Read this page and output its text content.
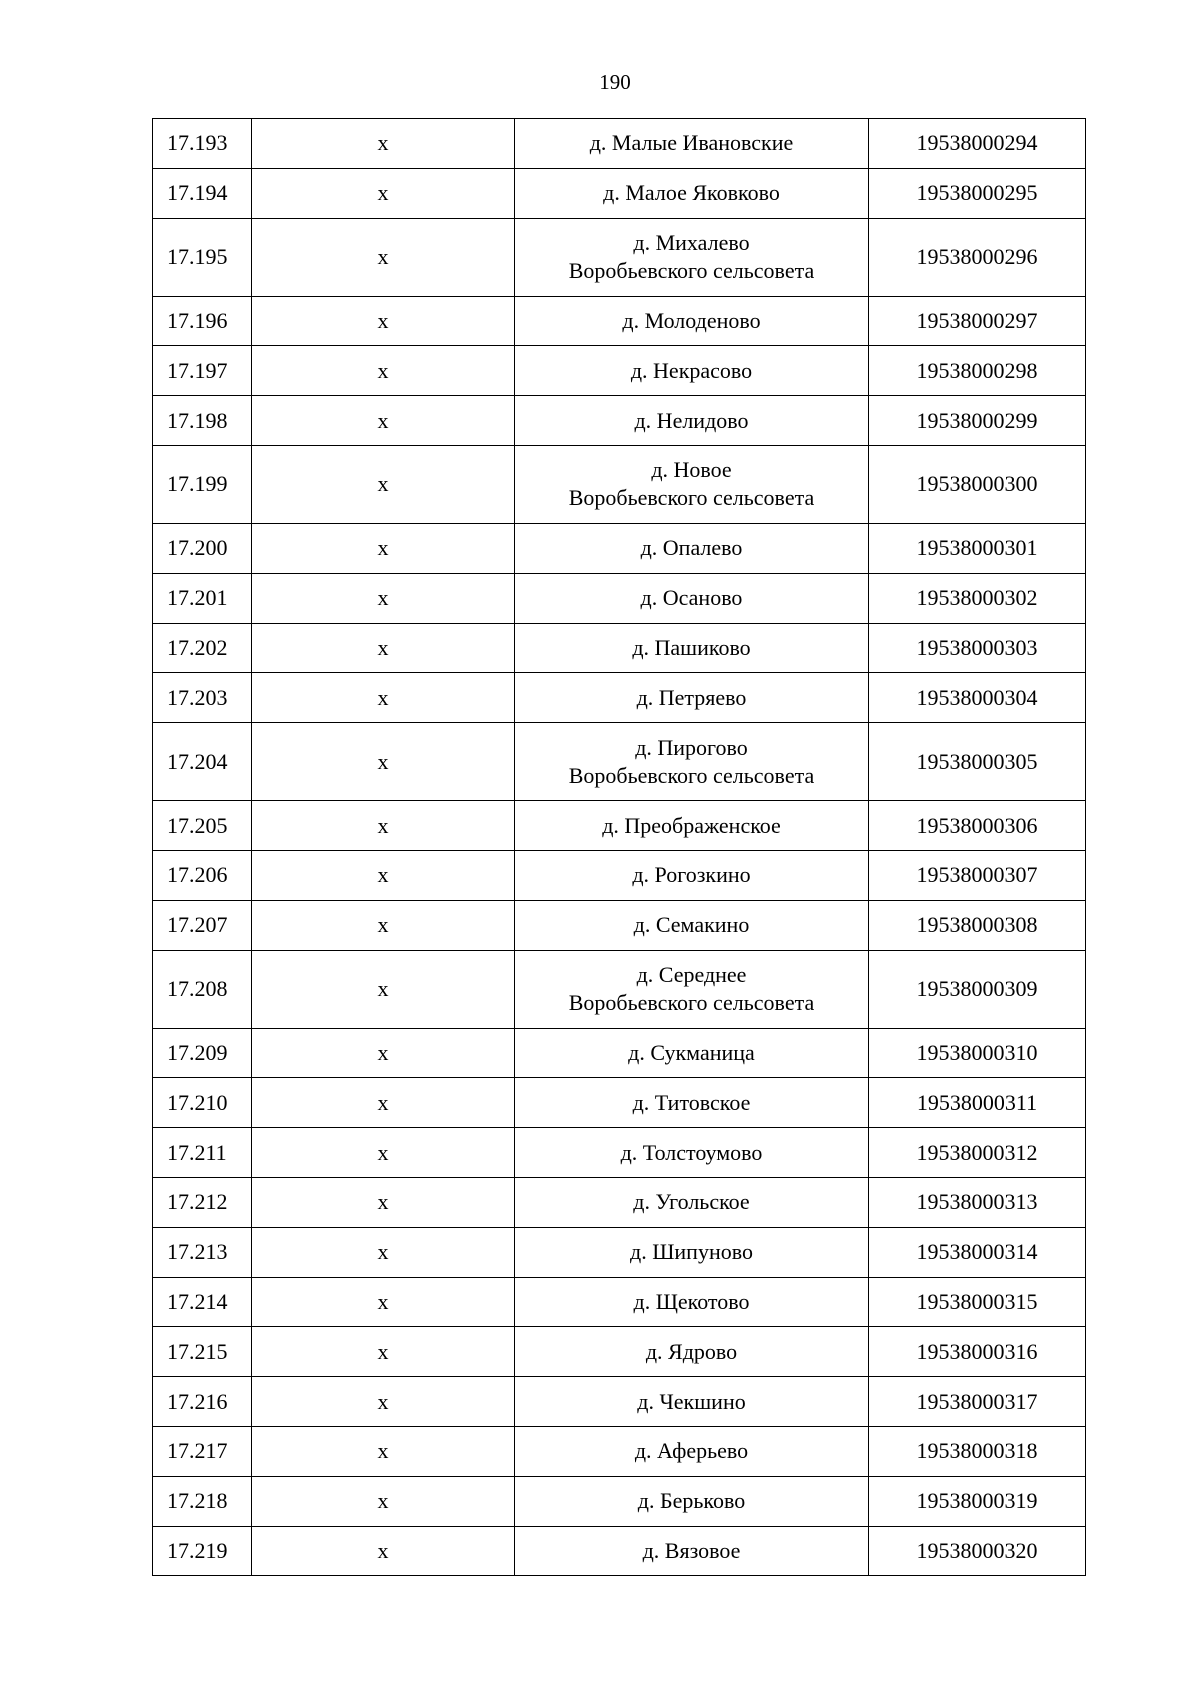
190
17.193	x	д. Малые Ивановские	19538000294
17.194	x	д. Малое Яковково	19538000295
17.195	x	д. Михалево
Воробьевского сельсовета	19538000296
17.196	x	д. Молоденово	19538000297
17.197	x	д. Некрасово	19538000298
17.198	x	д. Нелидово	19538000299
17.199	x	д. Новое
Воробьевского сельсовета	19538000300
17.200	x	д. Опалево	19538000301
17.201	x	д. Осаново	19538000302
17.202	x	д. Пашиково	19538000303
17.203	x	д. Петряево	19538000304
17.204	x	д. Пирогово
Воробьевского сельсовета	19538000305
17.205	x	д. Преображенское	19538000306
17.206	x	д. Рогозкино	19538000307
17.207	x	д. Семакино	19538000308
17.208	x	д. Середнее
Воробьевского сельсовета	19538000309
17.209	x	д. Сукманица	19538000310
17.210	x	д. Титовское	19538000311
17.211	x	д. Толстоумово	19538000312
17.212	x	д. Угольское	19538000313
17.213	x	д. Шипуново	19538000314
17.214	x	д. Щекотово	19538000315
17.215	x	д. Ядрово	19538000316
17.216	x	д. Чекшино	19538000317
17.217	x	д. Аферьево	19538000318
17.218	x	д. Берьково	19538000319
17.219	x	д. Вязовое	19538000320
